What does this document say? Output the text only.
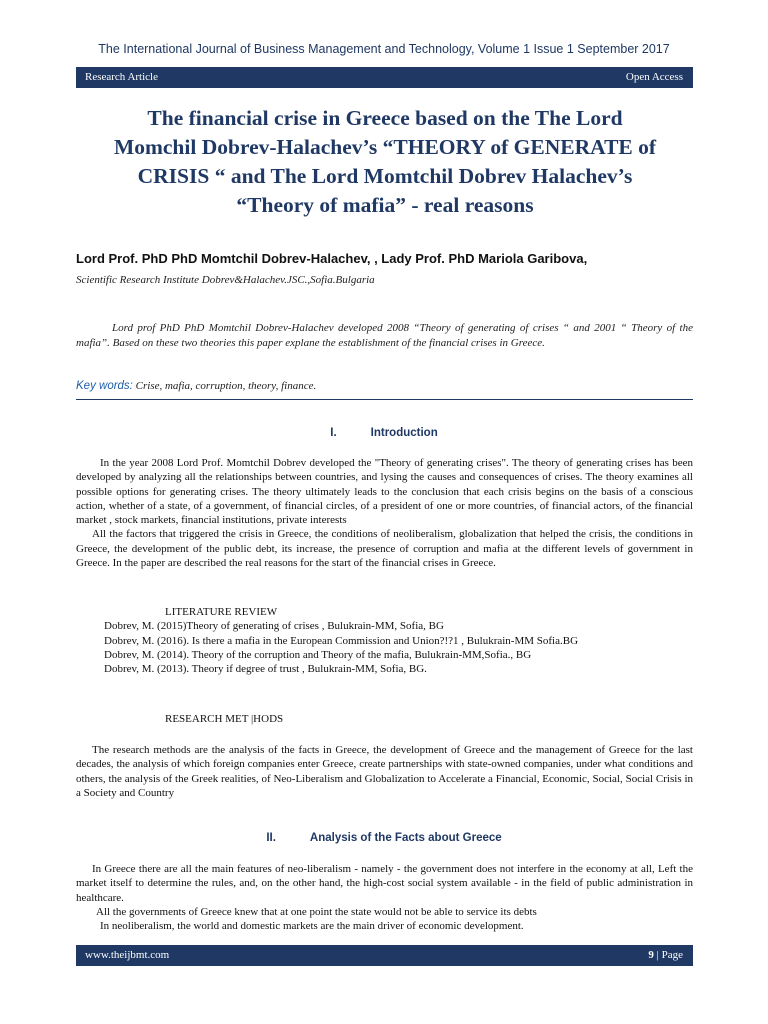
The International Journal of Business Management and Technology, Volume 1 Issue 1 September 2017
Research Article	Open Access
The financial crise in Greece based on the The Lord
Momchil Dobrev-Halachev’s “THEORY of GENERATE of
CRISIS “ and The Lord Momtchil Dobrev Halachev’s
“Theory of mafia” - real reasons
Lord Prof. PhD PhD Momtchil Dobrev-Halachev, , Lady Prof. PhD Mariola Garibova,
Scientific Research Institute Dobrev&Halachev.JSC.,Sofia.Bulgaria
Lord prof PhD PhD Momtchil Dobrev-Halachev developed 2008 “Theory of generating of crises “ and 2001 “ Theory of the mafia”. Based on these two theories this paper explane the establishment of the financial crises in Greece.
Key words: Crise, mafia, corruption, theory, finance.
I.	Introduction

In the year 2008 Lord Prof. Momtchil Dobrev developed the "Theory of generating crises". The theory of generating crises has been developed by analyzing all the relationships between countries, and lysing the causes and consequences of crises. The theory examines all possible options for generating crises. The theory ultimately leads to the conclusion that each crisis begins on the basis of a conscious action, whether of a state, of a government, of financial circles, of a president of one or more countries, of financial actors, of the financial market , stock markets, financial institutions, private interests

All the factors that triggered the crisis in Greece, the conditions of neoliberalism, globalization that helped the crisis, the conditions in Greece, the development of the public debt, its increase, the presence of corruption and mafia at the different levels of government in Greece. In the paper are described the real reasons for the start of the financial crises in Greece.

LITERATURE REVIEW

Dobrev, M. (2015)Theory of generating of crises , Bulukrain-MM, Sofia, BG

Dobrev, M. (2016). Is there a mafia in the European Commission and Union?!?1 , Bulukrain-MM Sofia.BG

Dobrev, M. (2014). Theory of the corruption and Theory of the mafia, Bulukrain-MM,Sofia., BG

Dobrev, M. (2013). Theory if degree of trust , Bulukrain-MM, Sofia, BG.

RESEARCH MET |HODS

The research methods are the analysis of the facts in Greece, the development of Greece and the management of Greece for the last decades, the analysis of which foreign companies enter Greece, create partnerships with state-owned companies, under what conditions and others, the analysis of the Greek realities, of Neo-Liberalism and Globalization to Accelerate a Financial, Economic, Social, Social Crisis in a Society and Country

II.	Analysis of the Facts about Greece

In Greece there are all the main features of neo-liberalism - namely - the government does not interfere in the economy at all, Left the market itself to determine the rules, and, on the other hand, the high-cost social system available - in the field of public administration in healthcare.

All the governments of Greece knew that at one point the state would not be able to service its debts

In neoliberalism, the world and domestic markets are the main driver of economic development.

www.theijbmt.com	9 | Page
